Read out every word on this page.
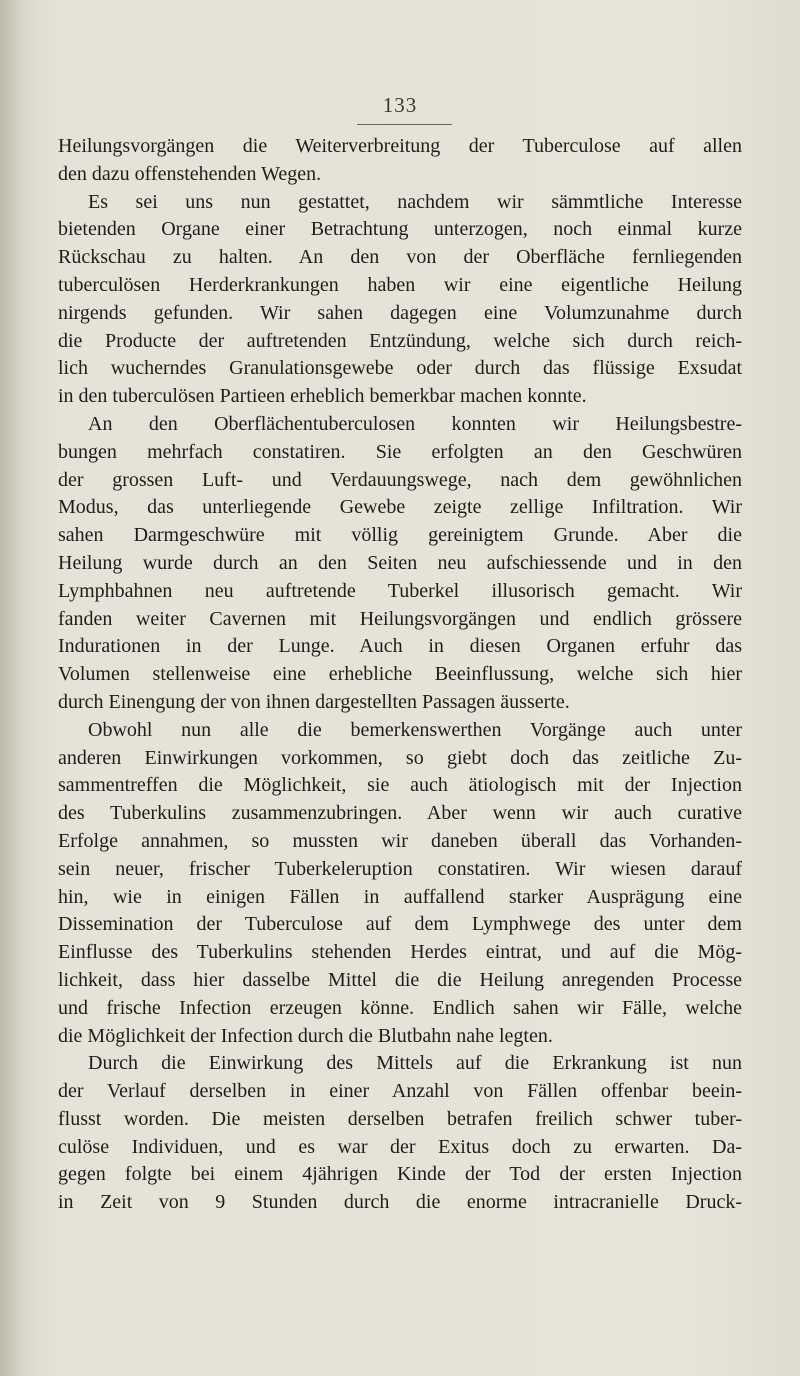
133
Heilungsvorgängen die Weiterverbreitung der Tuberculose auf allen
den dazu offenstehenden Wegen.
Es sei uns nun gestattet, nachdem wir sämmtliche Interesse
bietenden Organe einer Betrachtung unterzogen, noch einmal kurze
Rückschau zu halten. An den von der Oberfläche fernliegenden
tuberculösen Herderkrankungen haben wir eine eigentliche Heilung
nirgends gefunden. Wir sahen dagegen eine Volumzunahme durch
die Producte der auftretenden Entzündung, welche sich durch reich-
lich wucherndes Granulationsgewebe oder durch das flüssige Exsudat
in den tuberculösen Partieen erheblich bemerkbar machen konnte.
An den Oberflächentuberculosen konnten wir Heilungsbestre-
bungen mehrfach constatiren. Sie erfolgten an den Geschwüren
der grossen Luft- und Verdauungswege, nach dem gewöhnlichen
Modus, das unterliegende Gewebe zeigte zellige Infiltration. Wir
sahen Darmgeschwüre mit völlig gereinigtem Grunde. Aber die
Heilung wurde durch an den Seiten neu aufschiessende und in den
Lymphbahnen neu auftretende Tuberkel illusorisch gemacht. Wir
fanden weiter Cavernen mit Heilungsvorgängen und endlich grössere
Indurationen in der Lunge. Auch in diesen Organen erfuhr das
Volumen stellenweise eine erhebliche Beeinflussung, welche sich hier
durch Einengung der von ihnen dargestellten Passagen äusserte.
Obwohl nun alle die bemerkenswerthen Vorgänge auch unter
anderen Einwirkungen vorkommen, so giebt doch das zeitliche Zu-
sammentreffen die Möglichkeit, sie auch ätiologisch mit der Injection
des Tuberkulins zusammenzubringen. Aber wenn wir auch curative
Erfolge annahmen, so mussten wir daneben überall das Vorhanden-
sein neuer, frischer Tuberkeleruption constatiren. Wir wiesen darauf
hin, wie in einigen Fällen in auffallend starker Ausprägung eine
Dissemination der Tuberculose auf dem Lymphwege des unter dem
Einflusse des Tuberkulins stehenden Herdes eintrat, und auf die Mög-
lichkeit, dass hier dasselbe Mittel die die Heilung anregenden Processe
und frische Infection erzeugen könne. Endlich sahen wir Fälle, welche
die Möglichkeit der Infection durch die Blutbahn nahe legten.
Durch die Einwirkung des Mittels auf die Erkrankung ist nun
der Verlauf derselben in einer Anzahl von Fällen offenbar beein-
flusst worden. Die meisten derselben betrafen freilich schwer tuber-
culöse Individuen, und es war der Exitus doch zu erwarten. Da-
gegen folgte bei einem 4jährigen Kinde der Tod der ersten Injection
in Zeit von 9 Stunden durch die enorme intracranielle Druck-
